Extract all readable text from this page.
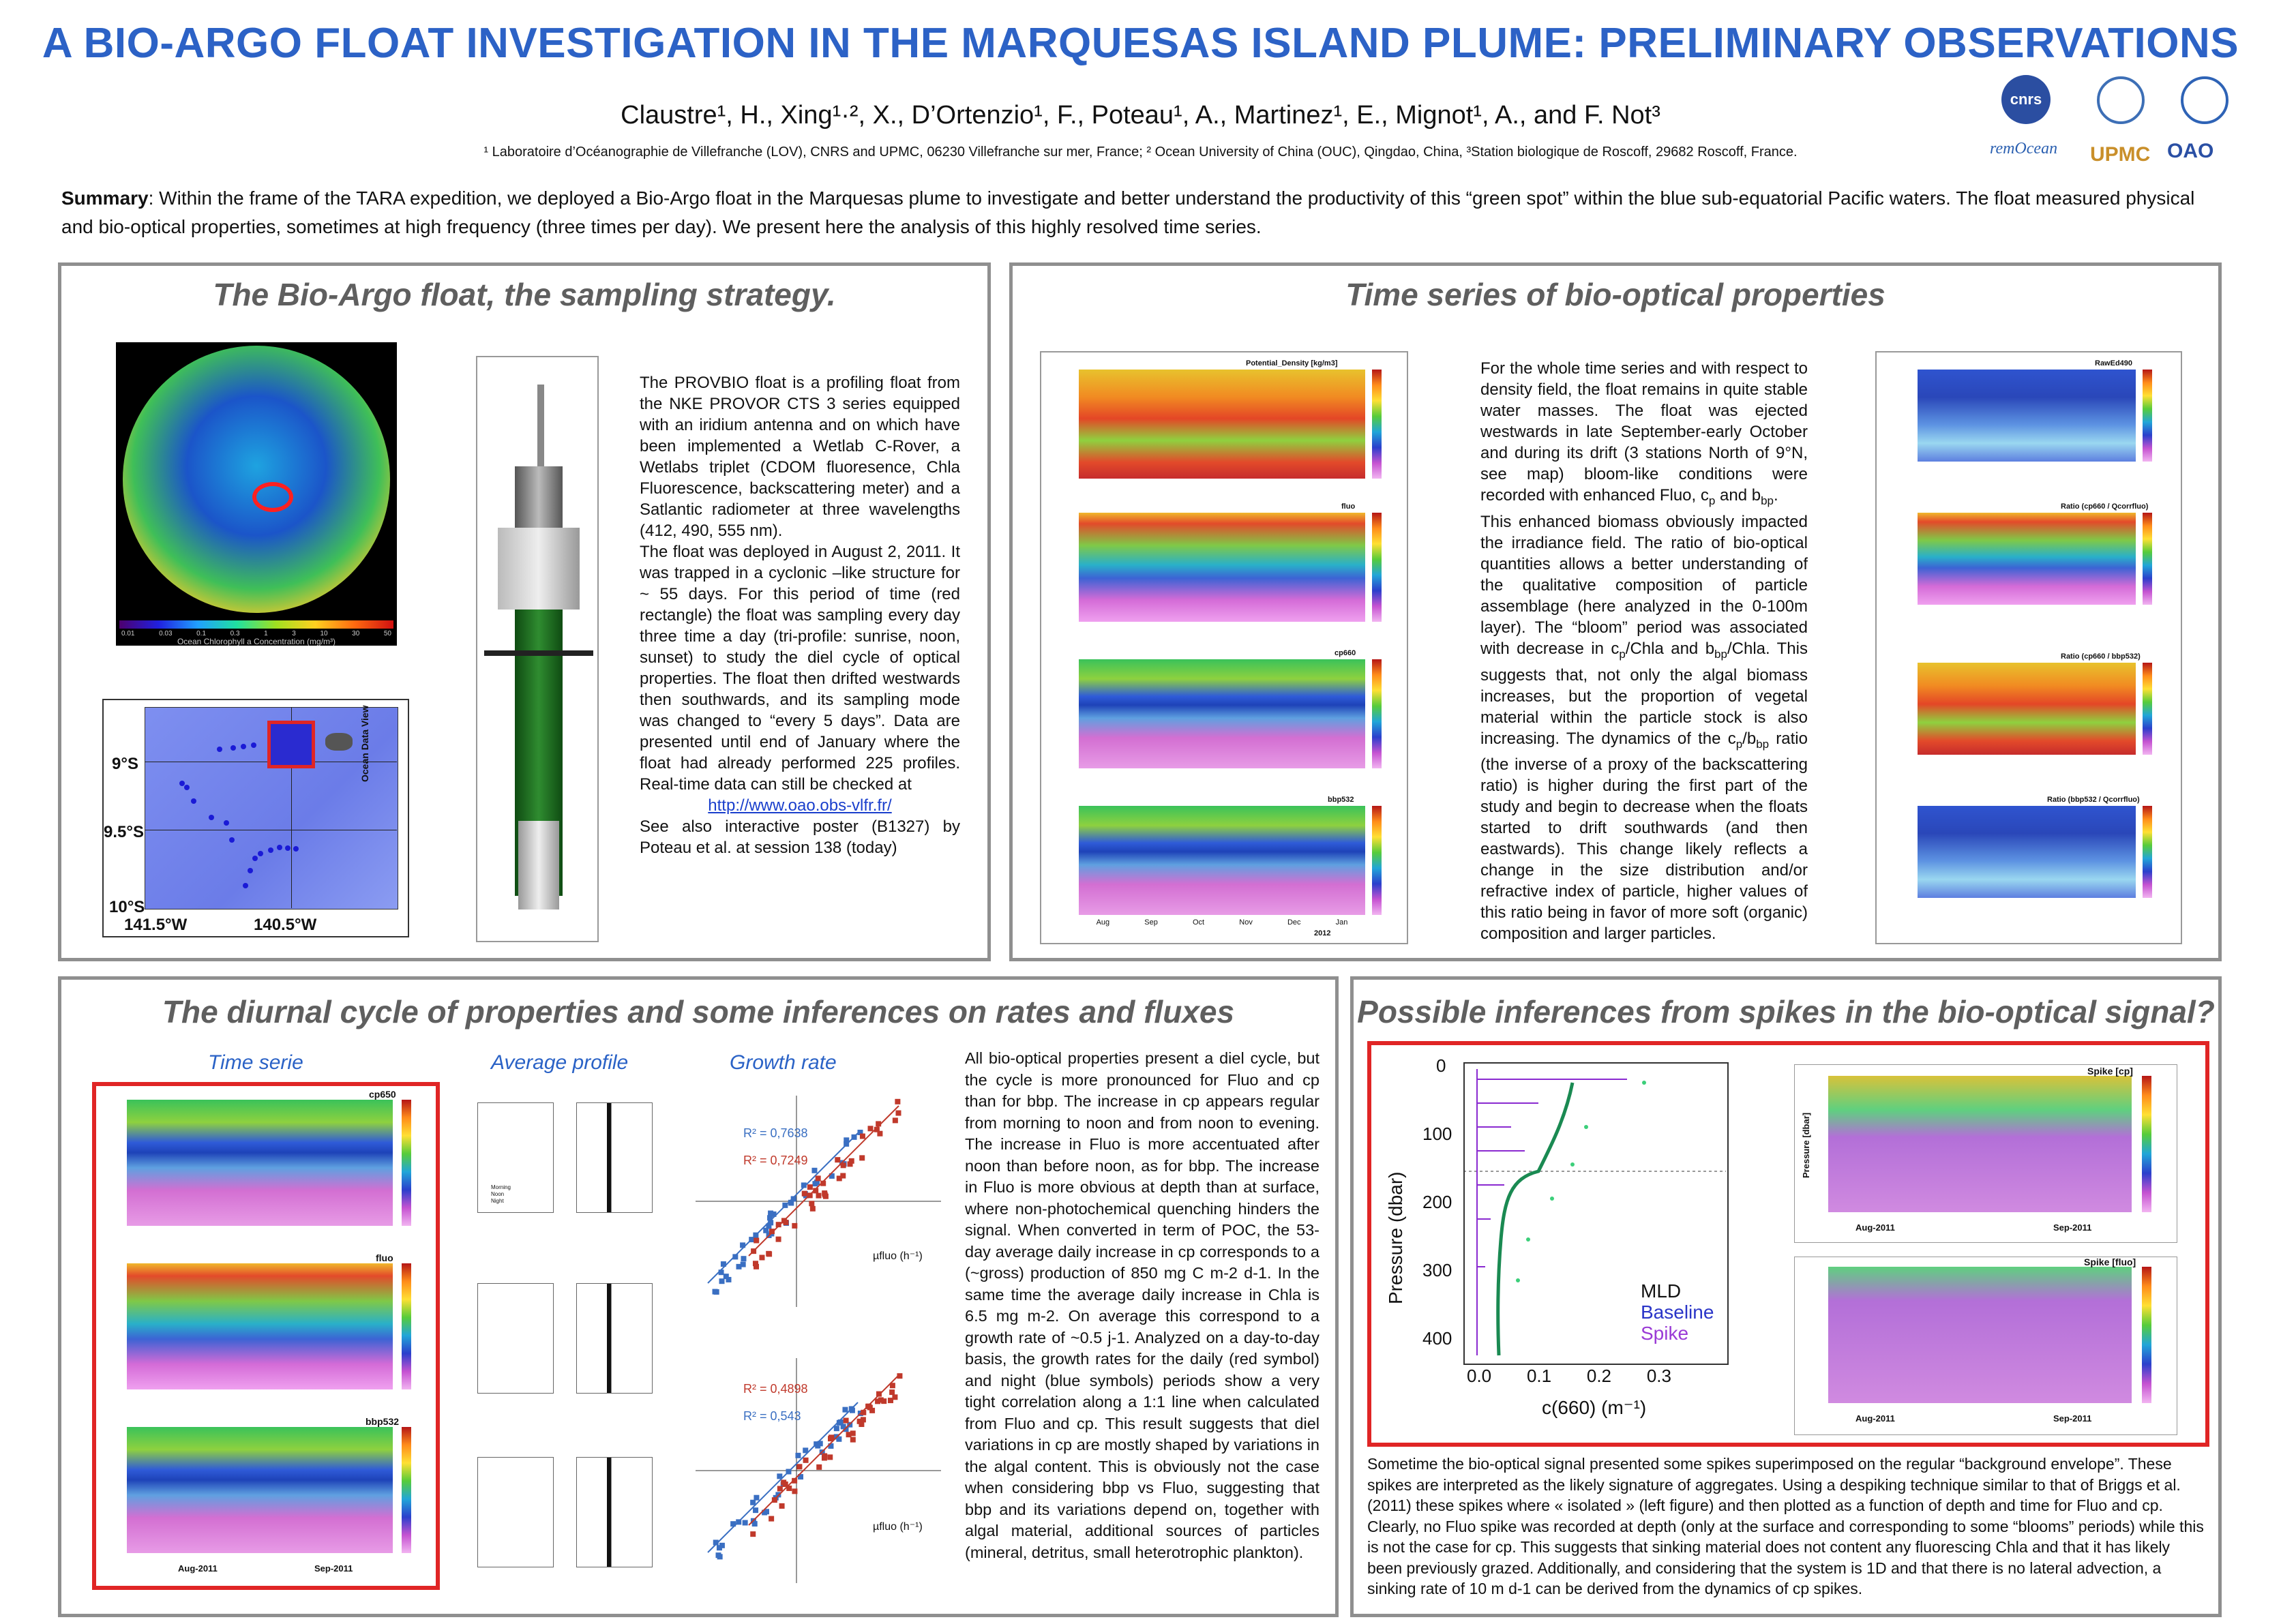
A BIO-ARGO FLOAT INVESTIGATION IN THE MARQUESAS ISLAND PLUME: PRELIMINARY OBSERVATIONS
Claustre¹, H., Xing¹·², X., D’Ortenzio¹, F., Poteau¹, A., Martinez¹, E., Mignot¹, A., and F. Not³
¹ Laboratoire d’Océanographie de Villefranche (LOV), CNRS and UPMC, 06230 Villefranche sur mer, France; ² Ocean University of China (OUC), Qingdao, China, ³Station biologique de Roscoff, 29682 Roscoff, France.
cnrs
remOcean	UPMC OAO
Summary: Within the frame of the TARA expedition, we deployed a Bio-Argo float in the Marquesas plume to investigate and better understand the productivity of this “green spot” within the blue sub-equatorial Pacific waters. The float measured physical and bio-optical properties, sometimes at high frequency (three times per day). We present here the analysis of this highly resolved time series.
The Bio-Argo float, the sampling strategy.
0.01	0.03	0.1	0.3	1	3	10	30	50
Ocean Chlorophyll a Concentration (mg/m³)
9°S
9.5°S
10°S
141.5°W	140.5°W
Ocean Data View

The PROVBIO float is a profiling float from the NKE PROVOR CTS 3 series equipped with an iridium antenna and on which have been implemented a Wetlab C-Rover, a Wetlabs triplet (CDOM fluoresence, Chla Fluorescence, backscattering meter) and a Satlantic radiometer at three wavelengths (412, 490, 555 nm).

The float was deployed in August 2, 2011. It was trapped in a cyclonic –like structure for ~ 55 days. For this period of time (red rectangle) the float was sampling every day three time a day (tri-profile: sunrise, noon, sunset) to study the diel cycle of optical properties. The float then drifted westwards then southwards, and its sampling mode was changed to “every 5 days”. Data are presented until end of January where the float had already performed 225 profiles. Real-time data can still be checked at

http://www.oao.obs-vlfr.fr/

See also interactive poster (B1327) by Poteau et al. at session 138 (today)

Time series of bio-optical properties
Potential_Density [kg/m3]
fluo
cp660
bbp532
Aug	Sep	Oct	Nov	Dec	Jan
2012

For the whole time series and with respect to density field, the float remains in quite stable water masses. The float was ejected westwards in late September-early October and during its drift (3 stations North of 9°N, see map) bloom-like conditions were recorded with enhanced Fluo, $c_p$ and $b_{bp}$.

This enhanced biomass obviously impacted the irradiance field. The ratio of bio-optical quantities allows a better understanding of the qualitative composition of particle assemblage (here analyzed in the 0-100m layer). The “bloom” period was associated with decrease in $c_p$/Chla and $b_{bp}$/Chla. This suggests that, not only the algal biomass increases, but the proportion of vegetal material within the particle stock is also increasing. The dynamics of the $c_p/b_{bp}$ ratio (the inverse of a proxy of the backscattering ratio) is higher during the first part of the study and begin to decrease when the floats started to drift southwards (and then eastwards). This change likely reflects a change in the size distribution and/or refractive index of particle, higher values of this ratio being in favor of more soft (organic) composition and larger particles.

RawEd490
Ratio (cp660 / Qcorrfluo)
Ratio (cp660 / bbp532)
Ratio (bbp532 / Qcorrfluo)
The diurnal cycle of properties and some inferences on rates and fluxes
Time serie	Average profile	Growth rate
cp650
fluo
bbp532
Aug-2011	Sep-2011
Morning
Noon
Night
R² = 0,7638
R² = 0,7249
R² = 0,4898
R² = 0,543
µfluo (h⁻¹)
µfluo (h⁻¹)
All bio-optical properties present a diel cycle, but the cycle is more pronounced for Fluo and cp than for bbp. The increase in cp appears regular from morning to noon and from noon to evening. The increase in Fluo is more accentuated after noon than before noon, as for bbp. The increase in Fluo is more obvious at depth than at surface, where non-photochemical quenching hinders the signal. When converted in term of POC, the 53-day average daily increase in cp corresponds to a (~gross) production of 850 mg C m-2 d-1. In the same time the average daily increase in Chla is 6.5 mg m-2. On average this correspond to a growth rate of ~0.5 j-1. Analyzed on a day-to-day basis, the growth rates for the daily (red symbol) and night (blue symbols) periods show a very tight correlation along a 1:1 line when calculated from Fluo and cp. This result suggests that diel variations in cp are mostly shaped by variations in the algal content. This is obviously not the case when considering bbp vs Fluo, suggesting that bbp and its variations depend on, together with algal material, additional sources of particles (mineral, detritus, small heterotrophic plankton).
Possible inferences from spikes in the bio-optical signal?
0
100
200
300
400
0.0 0.1 0.2 0.3
c(660) (m⁻¹)
Pressure (dbar)	MLD
Baseline
Spike
Spike [cp]
Aug-2011	Sep-2011
Pressure [dbar]
Spike [fluo]
Aug-2011	Sep-2011
Sometime the bio-optical signal presented some spikes superimposed on the regular “background envelope”. These spikes are interpreted as the likely signature of aggregates. Using a despiking technique similar to that of Briggs et al. (2011) these spikes where « isolated » (left figure) and then plotted as a function of depth and time for Fluo and cp. Clearly, no Fluo spike was recorded at depth (only at the surface and corresponding to some “blooms” periods) while this is not the case for cp. This suggests that sinking material does not content any fluorescing Chla and that it has likely been previously grazed. Additionally, and considering that the system is 1D and that there is no lateral advection, a sinking rate of 10 m d-1 can be derived from the dynamics of cp spikes.
